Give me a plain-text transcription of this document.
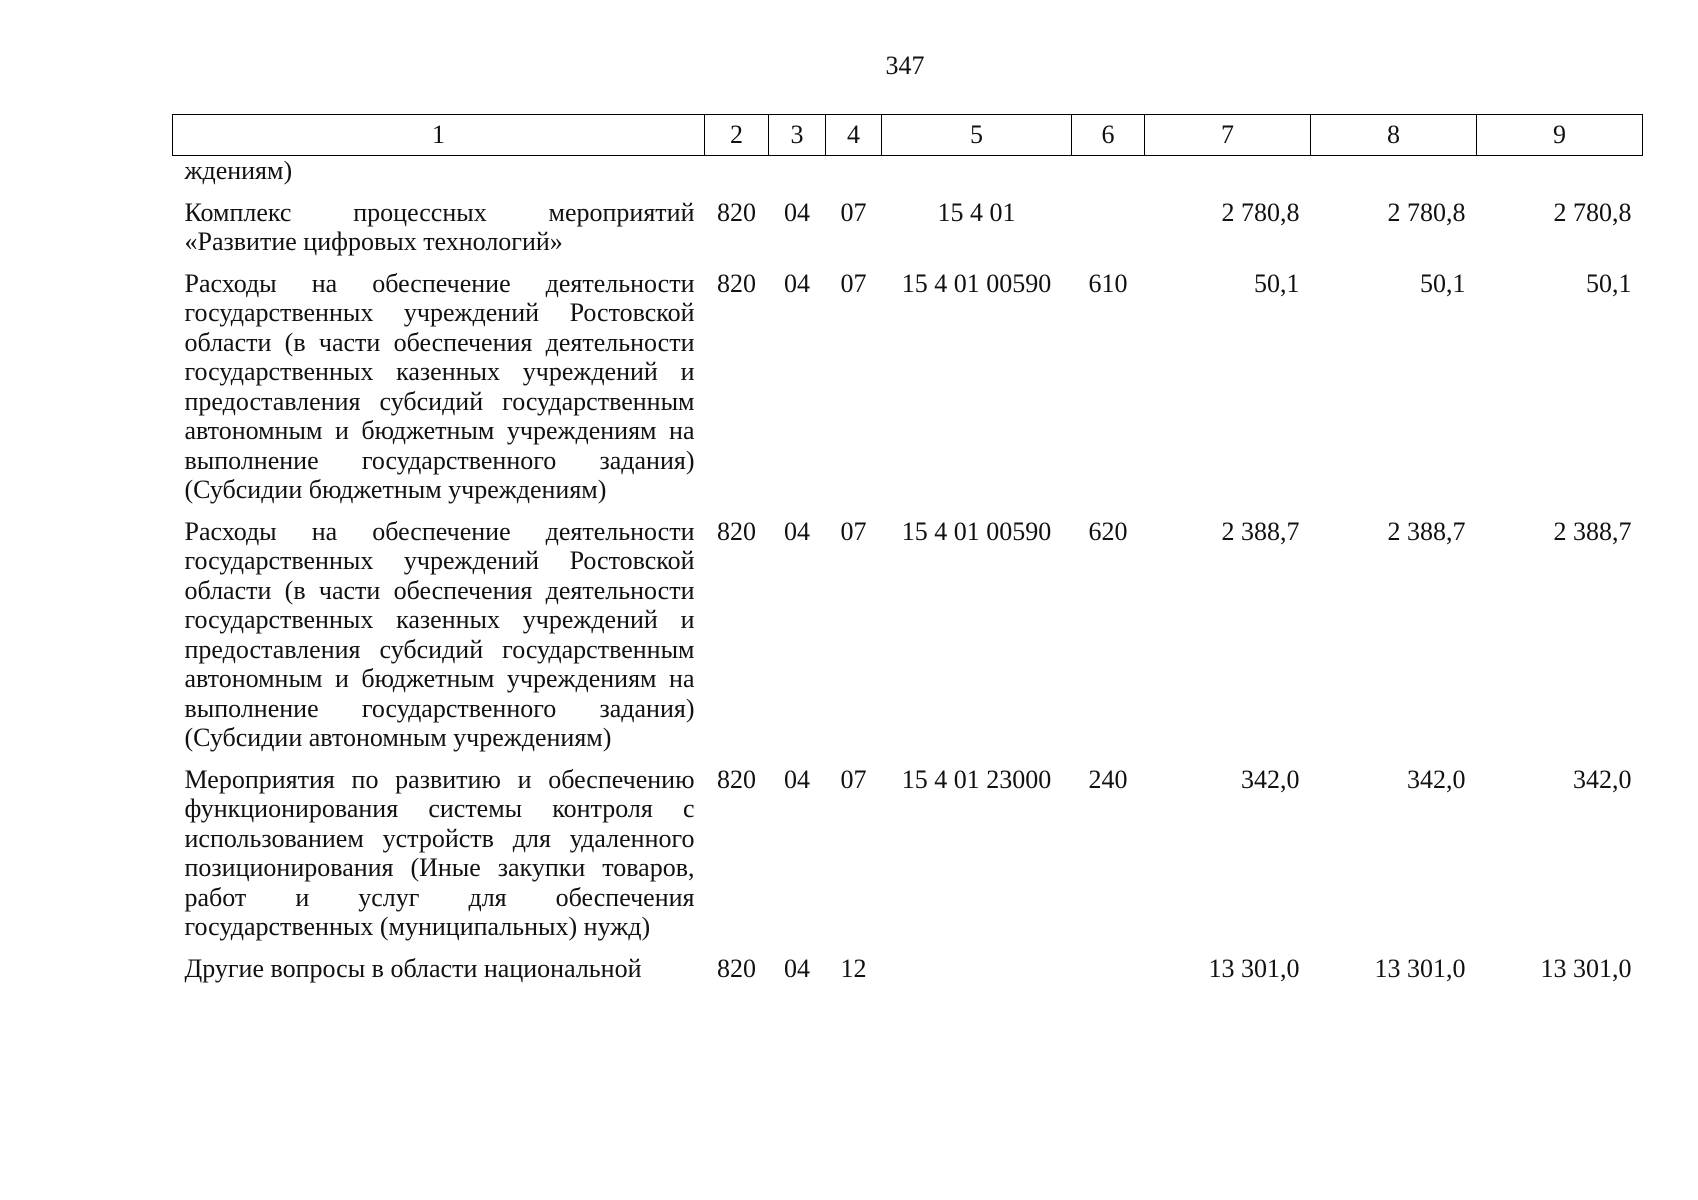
347
1	2	3	4	5	6	7	8	9
ждениям)								
Комплекс процессных мероприятий «Развитие цифровых технологий»	820	04	07	15 4 01		2 780,8	2 780,8	2 780,8
Расходы на обеспечение деятельности государственных учреждений Ростовской области (в части обеспечения деятельности государственных казенных учреждений и предоставления субсидий государственным автономным и бюджетным учреждениям на выполнение государственного задания) (Субсидии бюджетным учреждениям)	820	04	07	15 4 01 00590	610	50,1	50,1	50,1
Расходы на обеспечение деятельности государственных учреждений Ростовской области (в части обеспечения деятельности государственных казенных учреждений и предоставления субсидий государственным автономным и бюджетным учреждениям на выполнение государственного задания) (Субсидии автономным учреждениям)	820	04	07	15 4 01 00590	620	2 388,7	2 388,7	2 388,7
Мероприятия по развитию и обеспечению функционирования системы контроля с использованием устройств для удаленного позиционирования (Иные закупки товаров, работ и услуг для обеспечения государственных (муниципальных) нужд)	820	04	07	15 4 01 23000	240	342,0	342,0	342,0
Другие вопросы в области национальной	820	04	12			13 301,0	13 301,0	13 301,0
